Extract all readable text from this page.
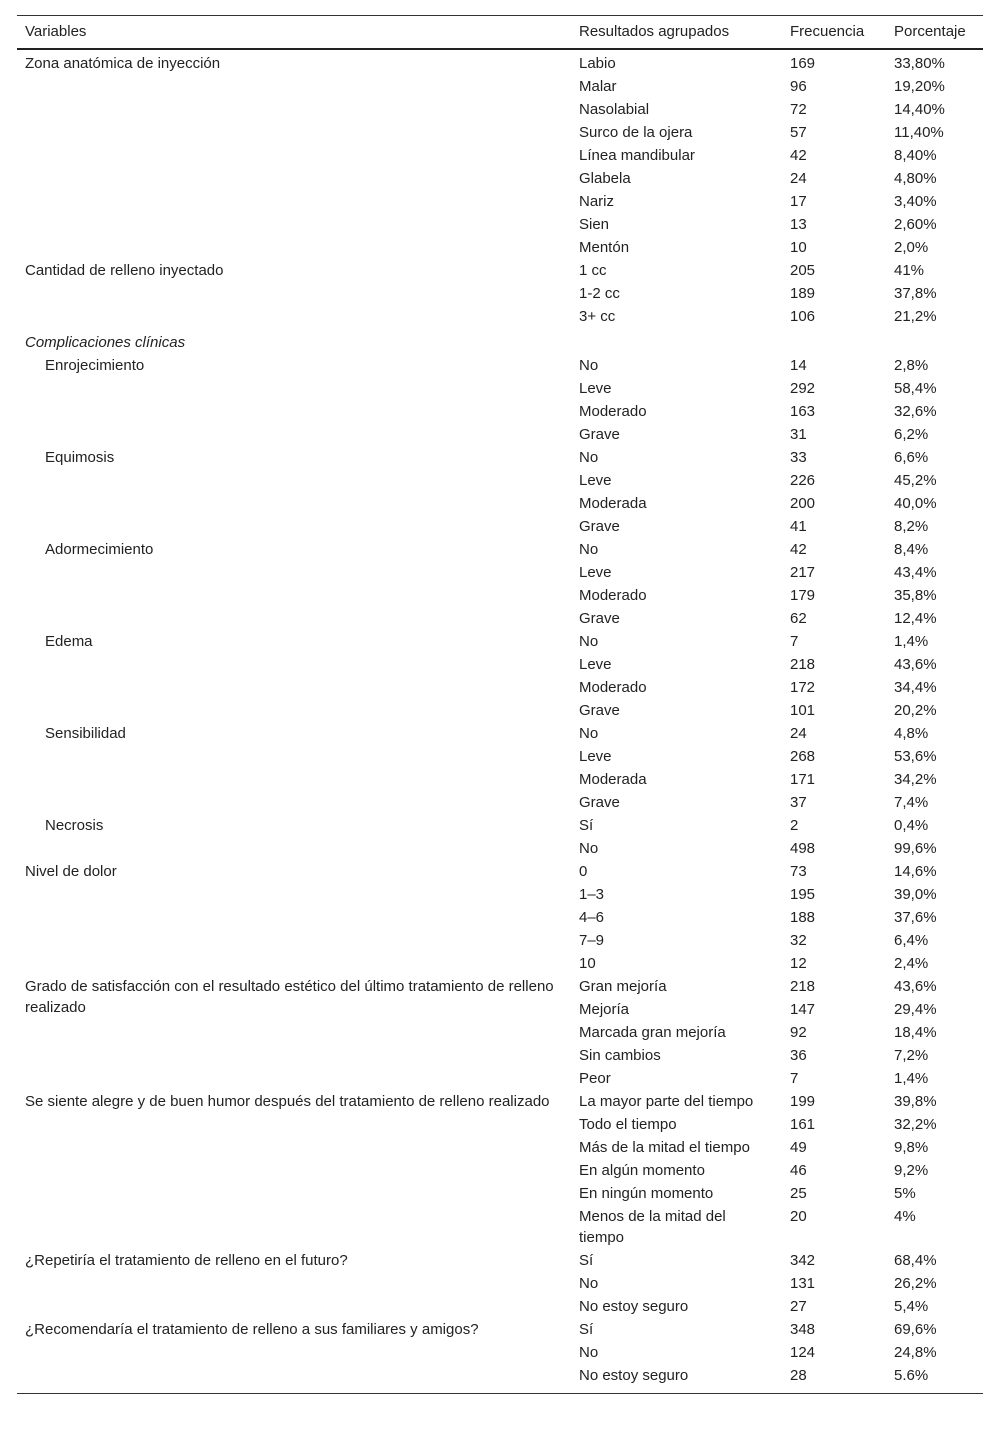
Variables	Resultados agrupados	Frecuencia	Porcentaje
Zona anatómica de inyección	Labio	169	33,80%
	Malar	96	19,20%
	Nasolabial	72	14,40%
	Surco de la ojera	57	11,40%
	Línea mandibular	42	8,40%
	Glabela	24	4,80%
	Nariz	17	3,40%
	Sien	13	2,60%
	Mentón	10	2,0%
Cantidad de relleno inyectado	1 cc	205	41%
	1-2 cc	189	37,8%
	3+ cc	106	21,2%
Complicaciones clínicas			
Enrojecimiento	No	14	2,8%
	Leve	292	58,4%
	Moderado	163	32,6%
	Grave	31	6,2%
Equimosis	No	33	6,6%
	Leve	226	45,2%
	Moderada	200	40,0%
	Grave	41	8,2%
Adormecimiento	No	42	8,4%
	Leve	217	43,4%
	Moderado	179	35,8%
	Grave	62	12,4%
Edema	No	7	1,4%
	Leve	218	43,6%
	Moderado	172	34,4%
	Grave	101	20,2%
Sensibilidad	No	24	4,8%
	Leve	268	53,6%
	Moderada	171	34,2%
	Grave	37	7,4%
Necrosis	Sí	2	0,4%
	No	498	99,6%
Nivel de dolor	0	73	14,6%
	1–3	195	39,0%
	4–6	188	37,6%
	7–9	32	6,4%
	10	12	2,4%
Grado de satisfacción con el resultado estético del último tratamiento de relleno realizado	Gran mejoría	218	43,6%
	Mejoría	147	29,4%
	Marcada gran mejoría	92	18,4%
	Sin cambios	36	7,2%
	Peor	7	1,4%
Se siente alegre y de buen humor después del tratamiento de relleno realizado	La mayor parte del tiempo	199	39,8%
	Todo el tiempo	161	32,2%
	Más de la mitad el tiempo	49	9,8%
	En algún momento	46	9,2%
	En ningún momento	25	5%
	Menos de la mitad del tiempo	20	4%
¿Repetiría el tratamiento de relleno en el futuro?	Sí	342	68,4%
	No	131	26,2%
	No estoy seguro	27	5,4%
¿Recomendaría el tratamiento de relleno a sus familiares y amigos?	Sí	348	69,6%
	No	124	24,8%
	No estoy seguro	28	5.6%
